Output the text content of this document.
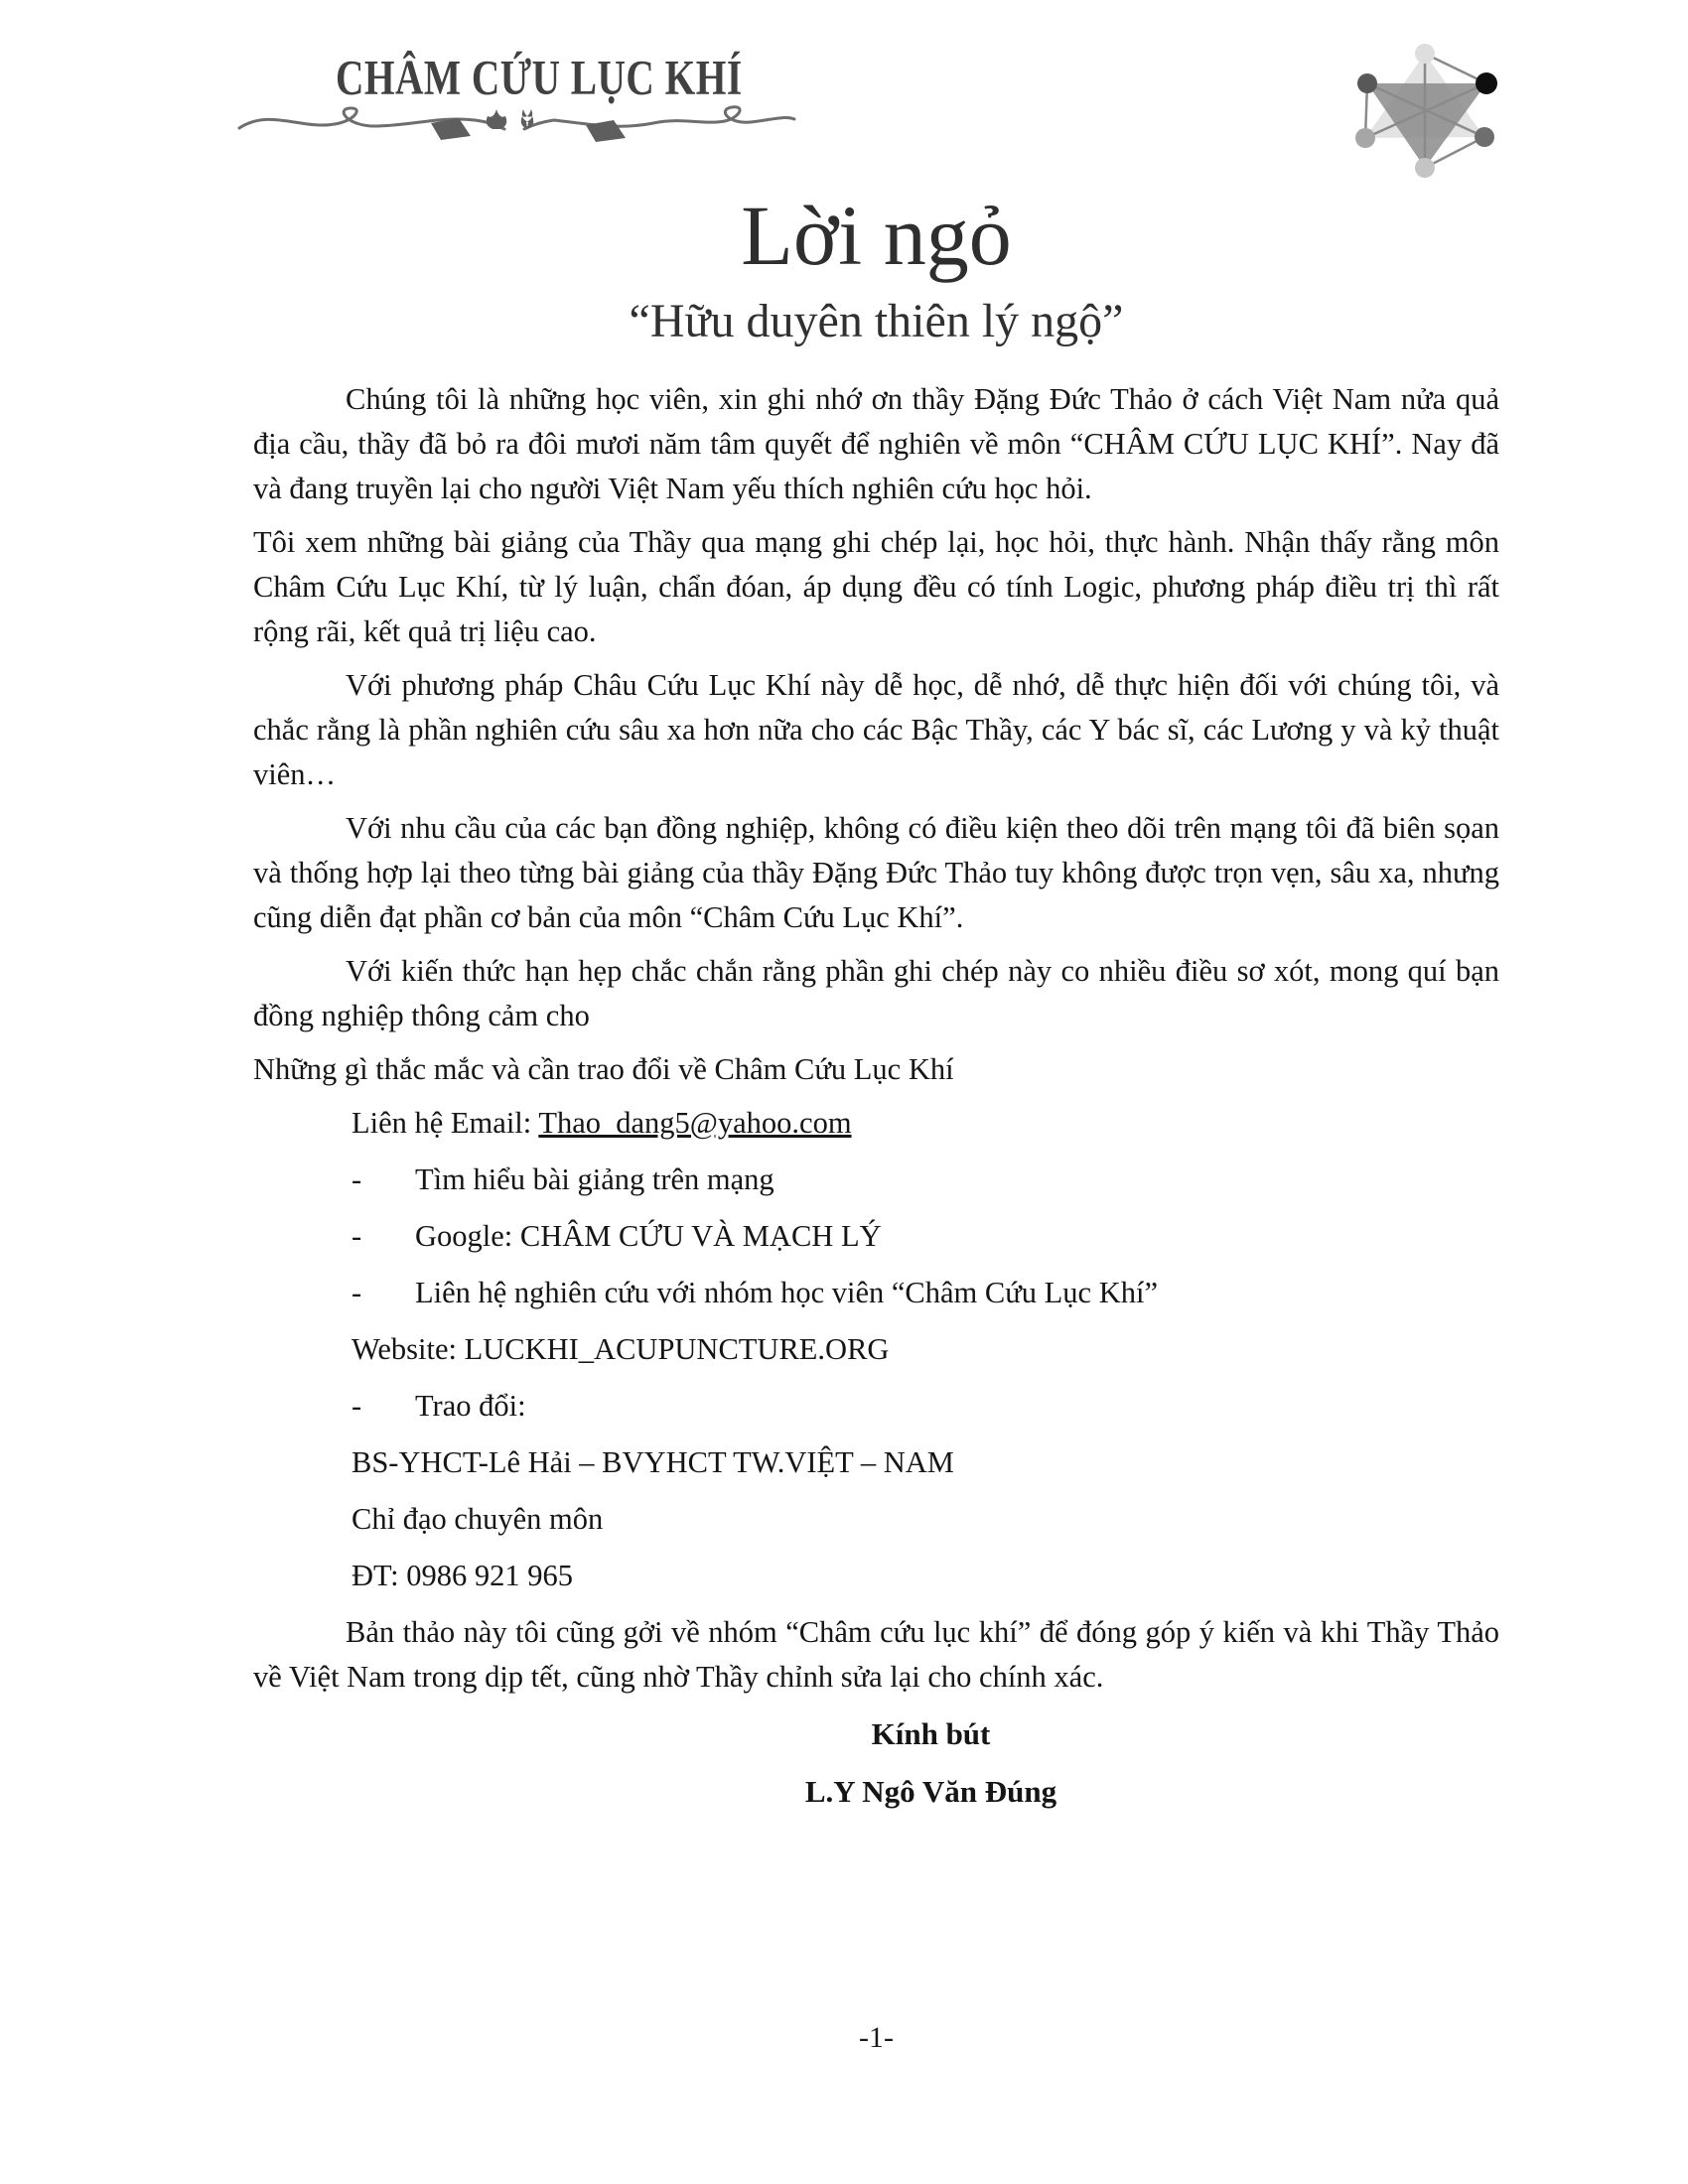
CHÂM CỨU LỤC KHÍ
Lời ngỏ
“Hữu duyên thiên lý ngộ”

Chúng tôi là những học viên, xin ghi nhớ ơn thầy Đặng Đức Thảo ở cách Việt Nam nửa quả địa cầu, thầy đã bỏ ra đôi mươi năm tâm quyết để nghiên về môn “CHÂM CỨU LỤC KHÍ”. Nay đã và đang truyền lại cho người Việt Nam yếu thích nghiên cứu học hỏi.

Tôi xem những bài giảng của Thầy qua mạng ghi chép lại, học hỏi, thực hành. Nhận thấy rằng môn Châm Cứu Lục Khí, từ lý luận, chẩn đóan, áp dụng đều có tính Logic, phương pháp điều trị thì rất rộng rãi, kết quả trị liệu cao.

Với phương pháp Châu Cứu Lục Khí này dễ học, dễ nhớ, dễ thực hiện đối với chúng tôi, và chắc rằng là phần nghiên cứu sâu xa hơn nữa cho các Bậc Thầy, các Y bác sĩ, các Lương y và kỷ thuật viên…

Với nhu cầu của các bạn đồng nghiệp, không có điều kiện theo dõi trên mạng tôi đã biên sọan và thống hợp lại theo từng bài giảng của thầy Đặng Đức Thảo tuy không được trọn vẹn, sâu xa, nhưng cũng diễn đạt phần cơ bản của môn “Châm Cứu Lục Khí”.

Với kiến thức hạn hẹp chắc chắn rằng phần ghi chép này co nhiều điều sơ xót, mong quí bạn đồng nghiệp thông cảm cho

Những gì thắc mắc và cần trao đổi về Châm Cứu Lục Khí

Liên hệ Email: Thao_dang5@yahoo.com
-	Tìm hiểu bài giảng trên mạng
-	Google: CHÂM CỨU VÀ MẠCH LÝ
-	Liên hệ nghiên cứu với nhóm học viên “Châm Cứu Lục Khí”
Website: LUCKHI_ACUPUNCTURE.ORG
-	Trao đổi:
BS-YHCT-Lê Hải – BVYHCT TW.VIỆT – NAM
Chỉ đạo chuyên môn
ĐT: 0986 921 965

Bản thảo này tôi cũng gởi về nhóm “Châm cứu lục khí” để đóng góp ý kiến và khi Thầy Thảo về Việt Nam trong dịp tết, cũng nhờ Thầy chỉnh sửa lại cho chính xác.

Kính bút
L.Y Ngô Văn Đúng
-1-
